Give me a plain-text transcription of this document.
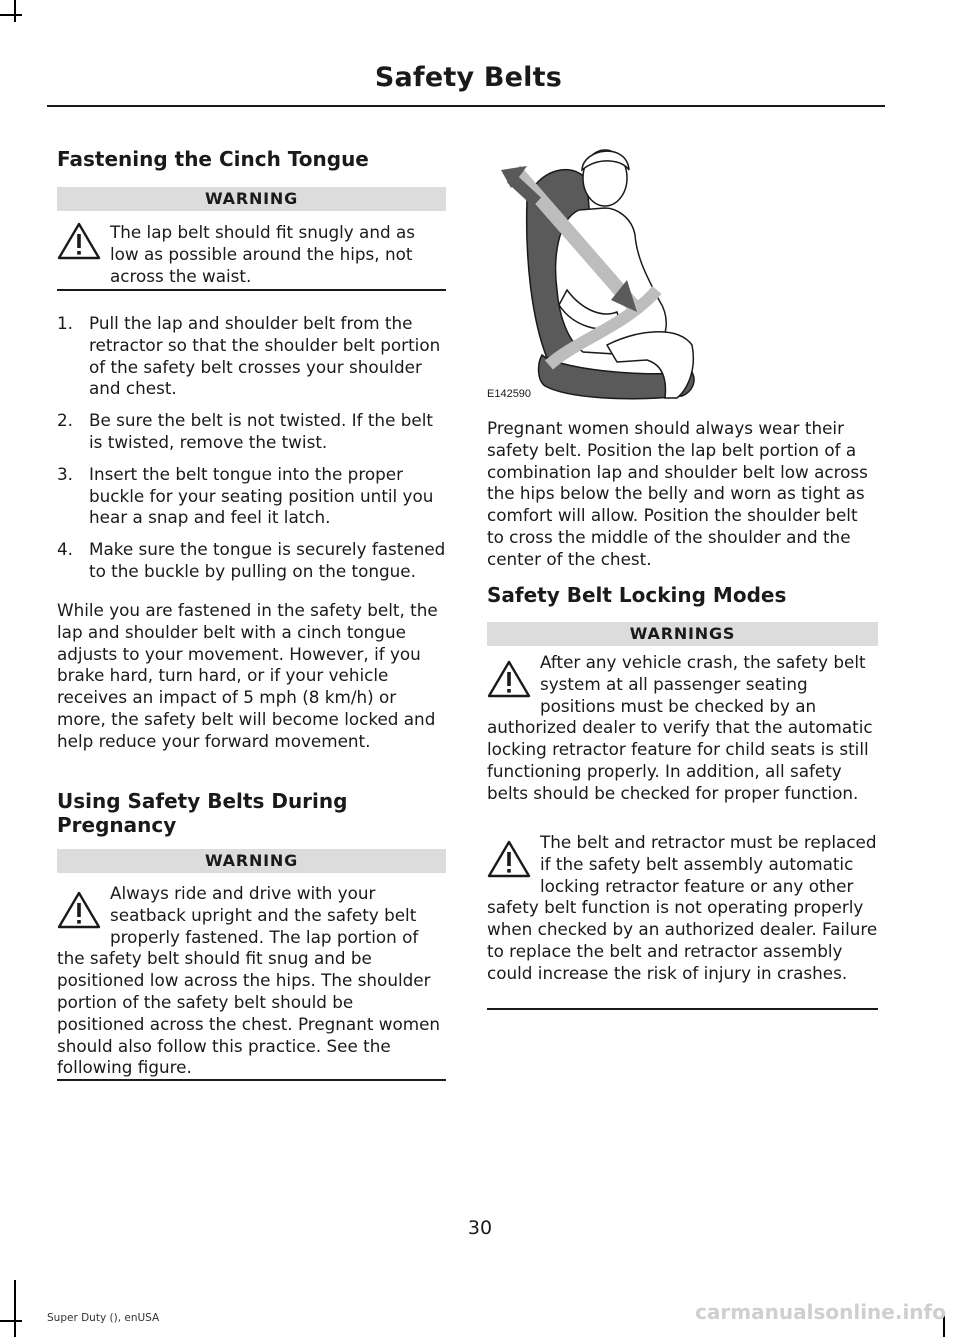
Safety Belts
Fastening the Cinch Tongue
WARNING

The lap belt should fit snugly and as low as possible around the hips, not across the waist.

1. Pull the lap and shoulder belt from the retractor so that the shoulder belt portion of the safety belt crosses your shoulder and chest.
2. Be sure the belt is not twisted. If the belt is twisted, remove the twist.
3. Insert the belt tongue into the proper buckle for your seating position until you hear a snap and feel it latch.
4. Make sure the tongue is securely fastened to the buckle by pulling on the tongue.

While you are fastened in the safety belt, the lap and shoulder belt with a cinch tongue adjusts to your movement. However, if you brake hard, turn hard, or if your vehicle receives an impact of 5 mph (8 km/h) or more, the safety belt will become locked and help reduce your forward movement.

Using Safety Belts During Pregnancy
WARNING

Always ride and drive with your seatback upright and the safety belt properly fastened. The lap portion of the safety belt should fit snug and be positioned low across the hips. The shoulder portion of the safety belt should be positioned across the chest. Pregnant women should also follow this practice. See the following figure.

E142590

Pregnant women should always wear their safety belt. Position the lap belt portion of a combination lap and shoulder belt low across the hips below the belly and worn as tight as comfort will allow. Position the shoulder belt to cross the middle of the shoulder and the center of the chest.

Safety Belt Locking Modes
WARNINGS

After any vehicle crash, the safety belt system at all passenger seating positions must be checked by an authorized dealer to verify that the automatic locking retractor feature for child seats is still functioning properly. In addition, all safety belts should be checked for proper function.

The belt and retractor must be replaced if the safety belt assembly automatic locking retractor feature or any other safety belt function is not operating properly when checked by an authorized dealer. Failure to replace the belt and retractor assembly could increase the risk of injury in crashes.

30
Super Duty (), enUSA	carmanualsonline.info
